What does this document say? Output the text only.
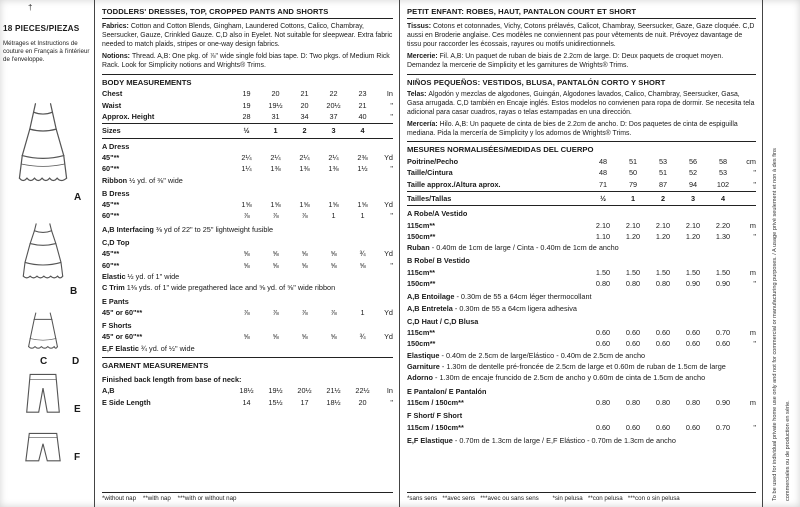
†
18 PIECES/PIEZAS
Métrages et Instructions de couture en Français à l'intérieur de l'enveloppe.
A
B
C D
E
F
TODDLERS' DRESSES, TOP, CROPPED PANTS AND SHORTS

Fabrics: Cotton and Cotton Blends, Gingham, Laundered Cottons, Calico, Chambray, Seersucker, Gauze, Crinkled Gauze. C,D also in Eyelet. Not suitable for sleepwear. Extra fabric needed to match plaids, stripes or one-way design fabrics.

Notions: Thread. A,B: One pkg. of ⅞" wide single fold bias tape. D: Two pkgs. of Medium Rick Rack. Look for Simplicity notions and Wrights® Trims.

BODY MEASUREMENTS
Chest	19	20	21	22	23	In
Waist	19	19½	20	20½	21	"
Approx. Height	28	31	34	37	40	"
Sizes	½	1	2	3	4
A Dress
45"**	2¼	2¼	2¼	2¼	2⅜	Yd
60"**	1¼	1⅜	1⅜	1⅜	1½	"
Ribbon ½ yd. of ⅜" wide
B Dress
45"**	1⅝	1⅝	1⅝	1⅝	1⅝	Yd
60"**	⅞	⅞	⅞	1	1	"
A,B Interfacing ⅜ yd of 22" to 25" lightweight fusible
C,D Top
45"**	⅝	⅝	⅝	⅝	¾	Yd
60"**	⅝	⅝	⅝	⅝	⅝	"
Elastic ½ yd. of 1" wide
C Trim 1⅜ yds. of 1" wide pregathered lace and ⅝ yd. of ⅝" wide ribbon
E Pants
45" or 60"**	⅞	⅞	⅞	⅞	1	Yd
F Shorts
45" or 60"**	⅝	⅝	⅝	⅝	¾	Yd
E,F Elastic ¾ yd. of ½" wide
GARMENT MEASUREMENTS
Finished back length from base of neck:
A,B	18½	19½	20½	21½	22½	In
E Side Length	14	15½	17	18½	20	"
*without nap    **with nap    ***with or without nap
PETIT ENFANT: ROBES, HAUT, PANTALON COURT ET SHORT

Tissus: Cotons et cotonnades, Vichy, Cotons prélavés, Calicot, Chambray, Seersucker, Gaze, Gaze cloquée. C,D aussi en Broderie anglaise. Ces modèles ne conviennent pas pour vêtements de nuit. Prévoyez davantage de tissu pour raccorder les écossais, rayures ou motifs unidirectionnels.

Mercerie: Fil. A,B: Un paquet de ruban de biais de 2.2cm de large. D: Deux paquets de croquet moyen. Demandez la mercerie de Simplicity et les garnitures de Wrights® Trims.

NIÑOS PEQUEÑOS: VESTIDOS, BLUSA, PANTALÓN CORTO Y SHORT

Telas: Algodón y mezclas de algodones, Guingán, Algodones lavados, Calico, Chambray, Seersucker, Gasa, Gasa arrugada. C,D también en Encaje inglés. Estos modelos no convienen para ropa de dormir. Se necesita tela adicional para casar cuadros, rayas o telas estampadas en una dirección.

Mercería: Hilo. A,B: Un paquete de cinta de bies de 2.2cm de ancho. D: Dos paquetes de cinta de espiguilla mediana. Pida la mercería de Simplicity y los adornos de Wrights® Trims.

MESURES NORMALISÉES/MEDIDAS DEL CUERPO
Poitrine/Pecho	48	51	53	56	58	cm
Taille/Cintura	48	50	51	52	53	"
Taille approx./Altura aprox.	71	79	87	94	102	"
Tailles/Tallas	½	1	2	3	4
A Robe/A Vestido
115cm**	2.10	2.10	2.10	2.10	2.20	m
150cm**	1.10	1.20	1.20	1.20	1.30	"
Ruban - 0.40m de 1cm de large / Cinta - 0.40m de 1cm de ancho
B Robe/ B Vestido
115cm**	1.50	1.50	1.50	1.50	1.50	m
150cm**	0.80	0.80	0.80	0.90	0.90	"
A,B Entoilage - 0.30m de 55 a 64cm léger thermocollant
A,B Entretela - 0.30m de 55 a 64cm ligera adhesiva
C,D Haut / C,D Blusa
115cm**	0.60	0.60	0.60	0.60	0.70	m
150cm**	0.60	0.60	0.60	0.60	0.60	"
Elastique - 0.40m de 2.5cm de large/Elástico - 0.40m de 2.5cm de ancho
Garniture - 1.30m de dentelle pré-froncée de 2.5cm de large et 0.60m de ruban de 1.5cm de large
Adorno - 1.30m de encaje fruncido de 2.5cm de ancho y 0.60m de cinta de 1.5cm de ancho
E Pantalon/ E Pantalón
115cm / 150cm**	0.80	0.80	0.80	0.80	0.90	m
F Short/ F Short
115cm / 150cm**	0.60	0.60	0.60	0.60	0.70	"
E,F Elastique - 0.70m de 1.3cm de large / E,F Elástico - 0.70m de 1.3cm de ancho
*sans sens   **avec sens   ***avec ou sans sens        *sin pelusa   **con pelusa   ***con o sin pelusa	To be used for individual private home use only and not for commercial or manufacturing purposes. / A usage privé seulement et non à des fins	commerciales ou de production en série.
